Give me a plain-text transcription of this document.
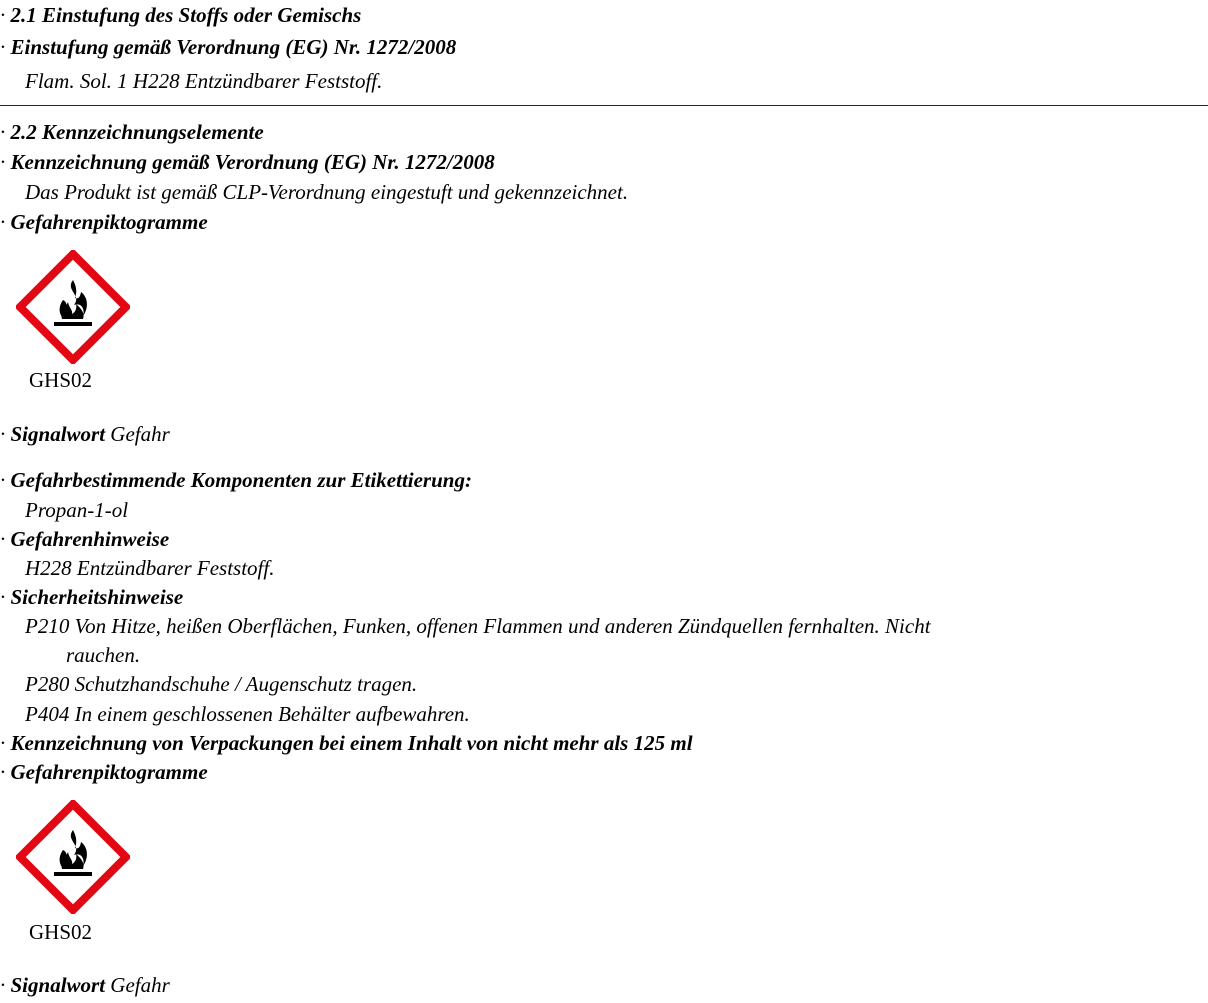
· 2.1 Einstufung des Stoffs oder Gemischs
· Einstufung gemäß Verordnung (EG) Nr. 1272/2008
Flam. Sol. 1 H228 Entzündbarer Feststoff.
· 2.2 Kennzeichnungselemente
· Kennzeichnung gemäß Verordnung (EG) Nr. 1272/2008
Das Produkt ist gemäß CLP-Verordnung eingestuft und gekennzeichnet.
· Gefahrenpiktogramme
GHS02
· Signalwort Gefahr
· Gefahrbestimmende Komponenten zur Etikettierung:
Propan-1-ol
· Gefahrenhinweise
H228 Entzündbarer Feststoff.
· Sicherheitshinweise
P210 Von Hitze, heißen Oberflächen, Funken, offenen Flammen und anderen Zündquellen fernhalten. Nicht
rauchen.
P280 Schutzhandschuhe / Augenschutz tragen.
P404 In einem geschlossenen Behälter aufbewahren.
· Kennzeichnung von Verpackungen bei einem Inhalt von nicht mehr als 125 ml
· Gefahrenpiktogramme
GHS02
· Signalwort Gefahr
